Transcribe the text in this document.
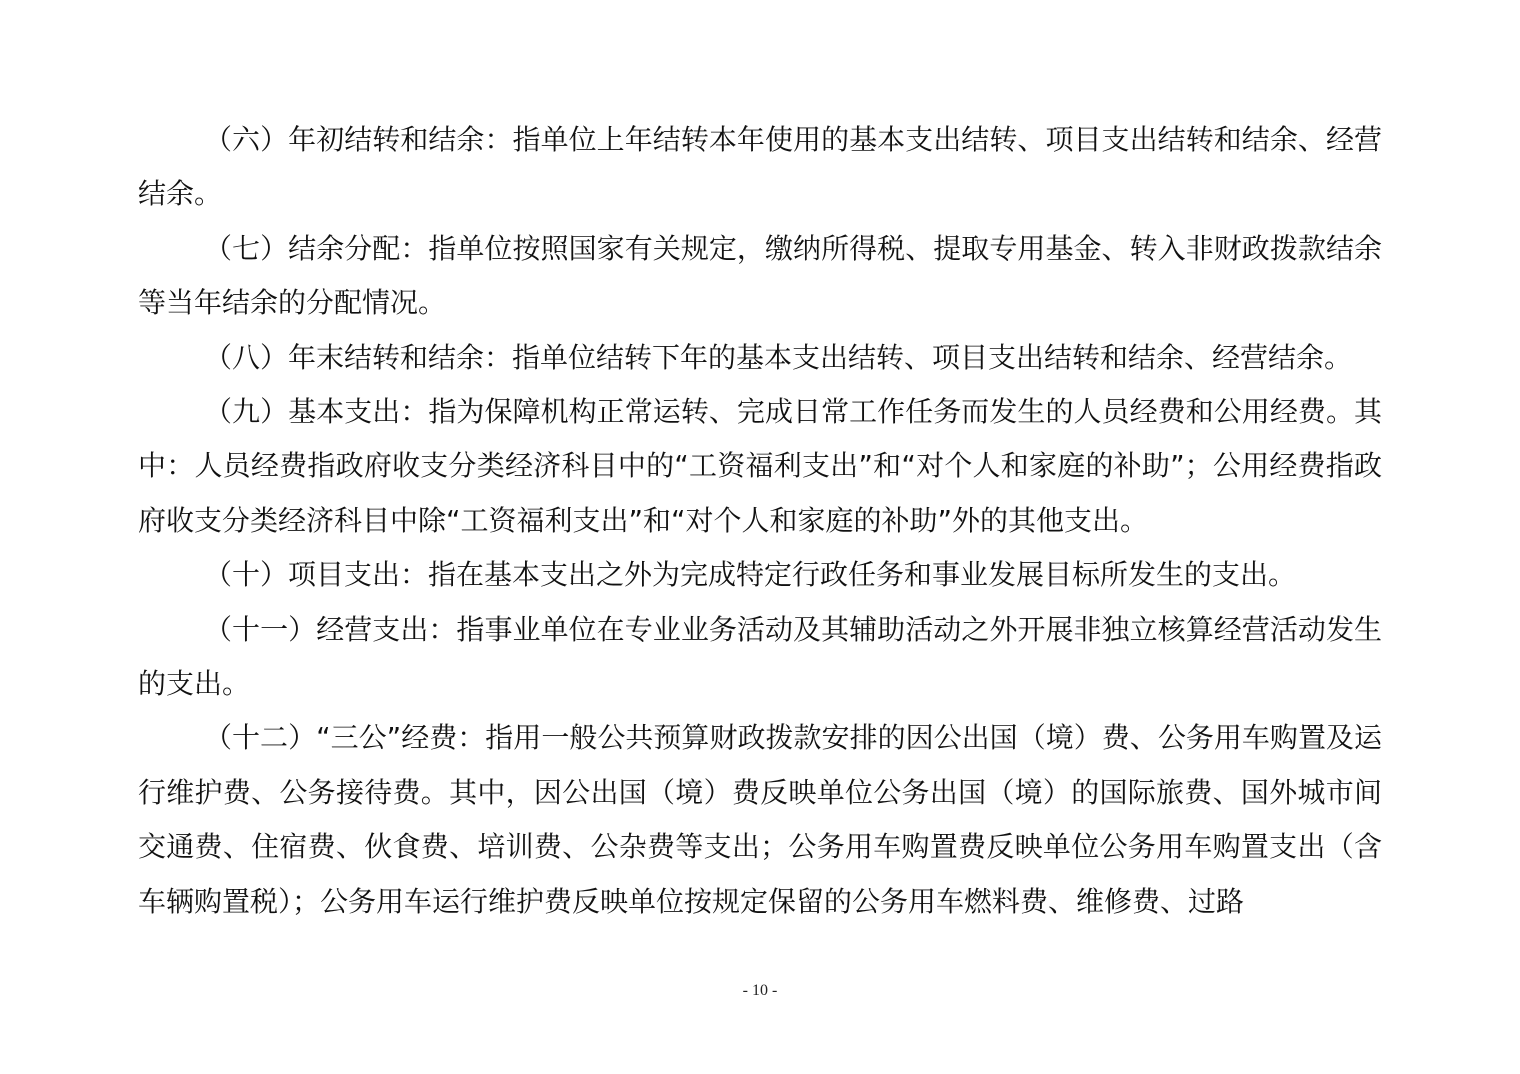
（六）年初结转和结余：指单位上年结转本年使用的基本支出结转、项目支出结转和结余、经营结余。

（七）结余分配：指单位按照国家有关规定，缴纳所得税、提取专用基金、转入非财政拨款结余等当年结余的分配情况。

（八）年末结转和结余：指单位结转下年的基本支出结转、项目支出结转和结余、经营结余。

（九）基本支出：指为保障机构正常运转、完成日常工作任务而发生的人员经费和公用经费。其中：人员经费指政府收支分类经济科目中的“工资福利支出”和“对个人和家庭的补助”；公用经费指政府收支分类经济科目中除“工资福利支出”和“对个人和家庭的补助”外的其他支出。

（十）项目支出：指在基本支出之外为完成特定行政任务和事业发展目标所发生的支出。

（十一）经营支出：指事业单位在专业业务活动及其辅助活动之外开展非独立核算经营活动发生的支出。

（十二）“三公”经费：指用一般公共预算财政拨款安排的因公出国（境）费、公务用车购置及运行维护费、公务接待费。其中，因公出国（境）费反映单位公务出国（境）的国际旅费、国外城市间交通费、住宿费、伙食费、培训费、公杂费等支出；公务用车购置费反映单位公务用车购置支出（含车辆购置税）；公务用车运行维护费反映单位按规定保留的公务用车燃料费、维修费、过路

- 10 -
